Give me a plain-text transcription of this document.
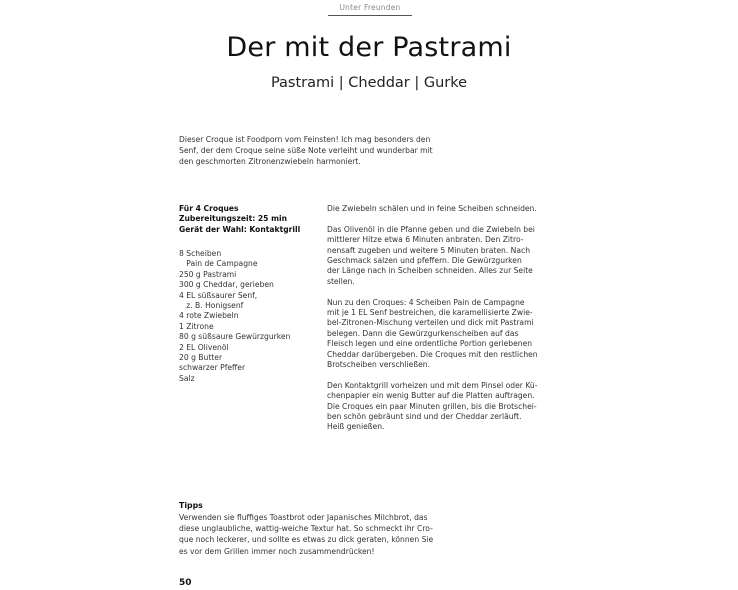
Unter Freunden
Der mit der Pastrami
Pastrami | Cheddar | Gurke
Dieser Croque ist Foodporn vom Feinsten! Ich mag besonders den
Senf, der dem Croque seine süße Note verleiht und wunderbar mit
den geschmorten Zitronenzwiebeln harmoniert.
Für 4 Croques
Zubereitungszeit: 25 min
Gerät der Wahl: Kontaktgrill
8 Scheiben
Pain de Campagne
250 g Pastrami
300 g Cheddar, gerieben
4 EL süßsaurer Senf,
z. B. Honigsenf
4 rote Zwiebeln
1 Zitrone
80 g süßsaure Gewürzgurken
2 EL Olivenöl
20 g Butter
schwarzer Pfeffer
Salz

Die Zwiebeln schälen und in feine Scheiben schneiden.

Das Olivenöl in die Pfanne geben und die Zwiebeln bei
mittlerer Hitze etwa 6 Minuten anbraten. Den Zitro-
nensaft zugeben und weitere 5 Minuten braten. Nach
Geschmack salzen und pfeffern. Die Gewürzgurken
der Länge nach in Scheiben schneiden. Alles zur Seite
stellen.

Nun zu den Croques: 4 Scheiben Pain de Campagne
mit je 1 EL Senf bestreichen, die karamellisierte Zwie-
bel-Zitronen-Mischung verteilen und dick mit Pastrami
belegen. Dann die Gewürzgurkenscheiben auf das
Fleisch legen und eine ordentliche Portion geriebenen
Cheddar darübergeben. Die Croques mit den restlichen
Brotscheiben verschließen.

Den Kontaktgrill vorheizen und mit dem Pinsel oder Kü-
chenpapier ein wenig Butter auf die Platten auftragen.
Die Croques ein paar Minuten grillen, bis die Brotschei-
ben schön gebräunt sind und der Cheddar zerläuft.
Heiß genießen.

Tipps
Verwenden sie fluffiges Toastbrot oder Japanisches Milchbrot, das
diese unglaubliche, wattig-weiche Textur hat. So schmeckt ihr Cro-
que noch leckerer, und sollte es etwas zu dick geraten, können Sie
es vor dem Grillen immer noch zusammendrücken!
50
